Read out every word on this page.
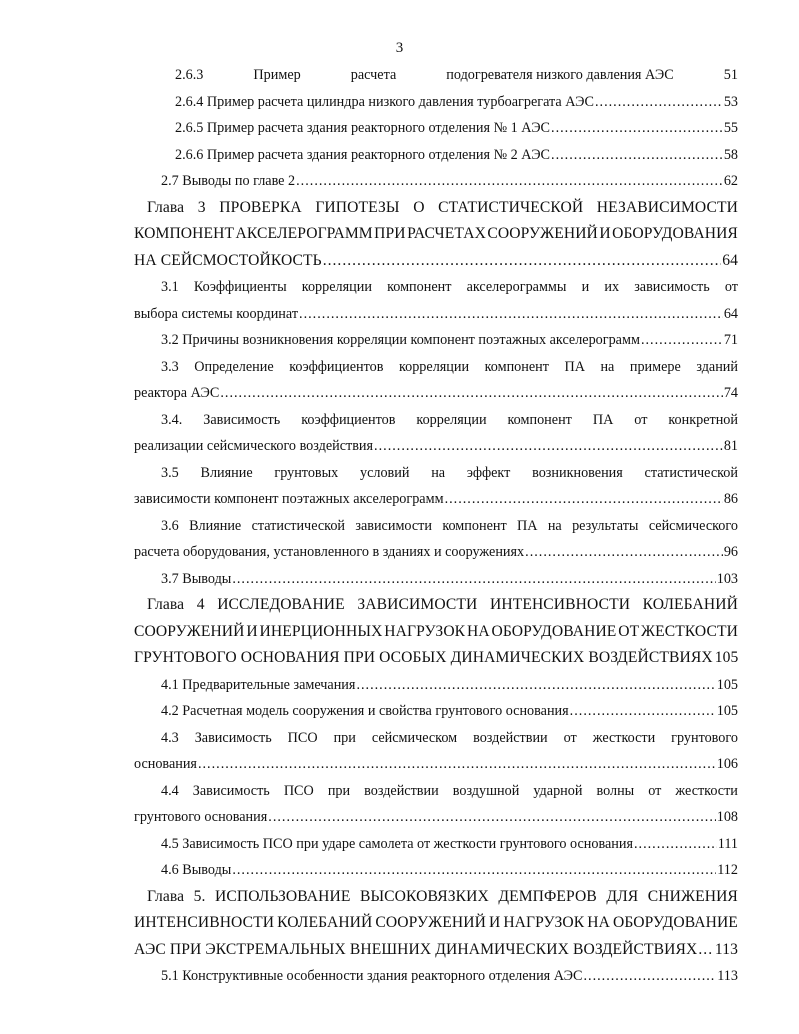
3
2.6.3	Пример	расчета	подогревателя низкого давления АЭС	51
2.6.4 Пример расчета цилиндра низкого давления турбоагрегата АЭС .....	53
2.6.5 Пример расчета здания реакторного отделения № 1 АЭС .....	55
2.6.6 Пример расчета здания реакторного отделения № 2 АЭС .....	58
2.7 Выводы по главе 2 .....	62
Глава 3 ПРОВЕРКА ГИПОТЕЗЫ О СТАТИСТИЧЕСКОЙ НЕЗАВИСИМОСТИ
КОМПОНЕНТ АКСЕЛЕРОГРАММ ПРИ РАСЧЕТАХ СООРУЖЕНИЙ И ОБОРУДОВАНИЯ
НА СЕЙСМОСТОЙКОСТЬ .....	64
3.1 Коэффициенты корреляции компонент акселерограммы и их зависимость от
выбора системы координат .....	64
3.2 Причины возникновения корреляции компонент поэтажных акселерограмм .....	71
3.3 Определение коэффициентов корреляции компонент ПА на примере зданий
реактора АЭС .....	74
3.4. Зависимость коэффициентов корреляции компонент ПА от конкретной
реализации сейсмического воздействия .....	81
3.5 Влияние грунтовых условий на эффект возникновения статистической
зависимости компонент поэтажных акселерограмм .....	86
3.6 Влияние статистической зависимости компонент ПА на результаты сейсмического
расчета оборудования, установленного в зданиях и сооружениях .....	96
3.7 Выводы .....	103
Глава 4 ИССЛЕДОВАНИЕ ЗАВИСИМОСТИ ИНТЕНСИВНОСТИ КОЛЕБАНИЙ
СООРУЖЕНИЙ И ИНЕРЦИОННЫХ НАГРУЗОК НА ОБОРУДОВАНИЕ ОТ ЖЕСТКОСТИ
ГРУНТОВОГО ОСНОВАНИЯ ПРИ ОСОБЫХ ДИНАМИЧЕСКИХ ВОЗДЕЙСТВИЯХ 105
4.1 Предварительные замечания .....	105
4.2 Расчетная модель сооружения и свойства грунтового основания .....	105
4.3 Зависимость ПСО при сейсмическом воздействии от жесткости грунтового
основания .....	106
4.4 Зависимость ПСО при воздействии воздушной ударной волны от жесткости
грунтового основания .....	108
4.5 Зависимость ПСО при ударе самолета от жесткости грунтового основания .....	111
4.6 Выводы .....	112
Глава 5. ИСПОЛЬЗОВАНИЕ ВЫСОКОВЯЗКИХ ДЕМПФЕРОВ ДЛЯ СНИЖЕНИЯ
ИНТЕНСИВНОСТИ КОЛЕБАНИЙ СООРУЖЕНИЙ И НАГРУЗОК НА ОБОРУДОВАНИЕ
АЭС ПРИ ЭКСТРЕМАЛЬНЫХ ВНЕШНИХ ДИНАМИЧЕСКИХ ВОЗДЕЙСТВИЯХ ..... 113
5.1 Конструктивные особенности здания реакторного отделения АЭС .....	113
